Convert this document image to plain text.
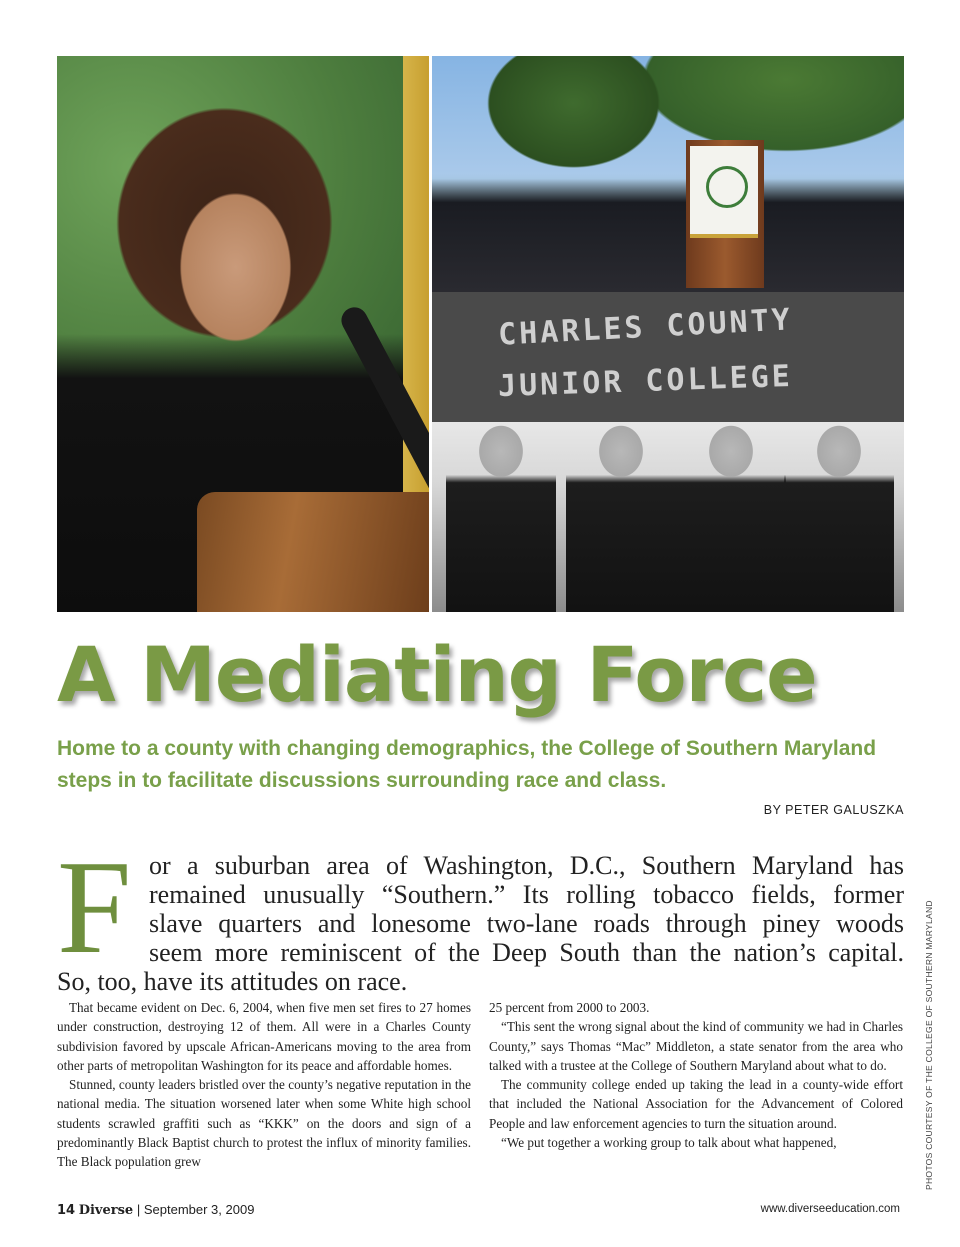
CHARLES COUNTY
JUNIOR COLLEGE
A Mediating Force
Home to a county with changing demographics, the College of Southern Maryland steps in to facilitate discussions surrounding race and class.
BY PETER GALUSZKA
F or a suburban area of Washington, D.C., Southern Maryland has
remained unusually “Southern.” Its rolling tobacco fields, former
slave quarters and lonesome two-lane roads through piney woods
seem more reminiscent of the Deep South than the nation’s capital.
So, too, have its attitudes on race.

That became evident on Dec. 6, 2004, when five men set fires to 27 homes under construction, destroying 12 of them. All were in a Charles County subdivision favored by upscale African-Americans moving to the area from other parts of metropolitan Washington for its peace and affordable homes.

Stunned, county leaders bristled over the county’s negative reputation in the national media. The situation worsened later when some White high school students scrawled graffiti such as “KKK” on the doors and sign of a predominantly Black Baptist church to protest the influx of minority families. The Black population grew

25 percent from 2000 to 2003.

“This sent the wrong signal about the kind of community we had in Charles County,” says Thomas “Mac” Middleton, a state senator from the area who talked with a trustee at the College of Southern Maryland about what to do.

The community college ended up taking the lead in a county-wide effort that included the National Association for the Advancement of Colored People and law enforcement agencies to turn the situation around.

“We put together a working group to talk about what happened,	PHOTOS COURTESY OF THE COLLEGE OF SOUTHERN MARYLAND
14 Diverse | September 3, 2009	www.diverseeducation.com
